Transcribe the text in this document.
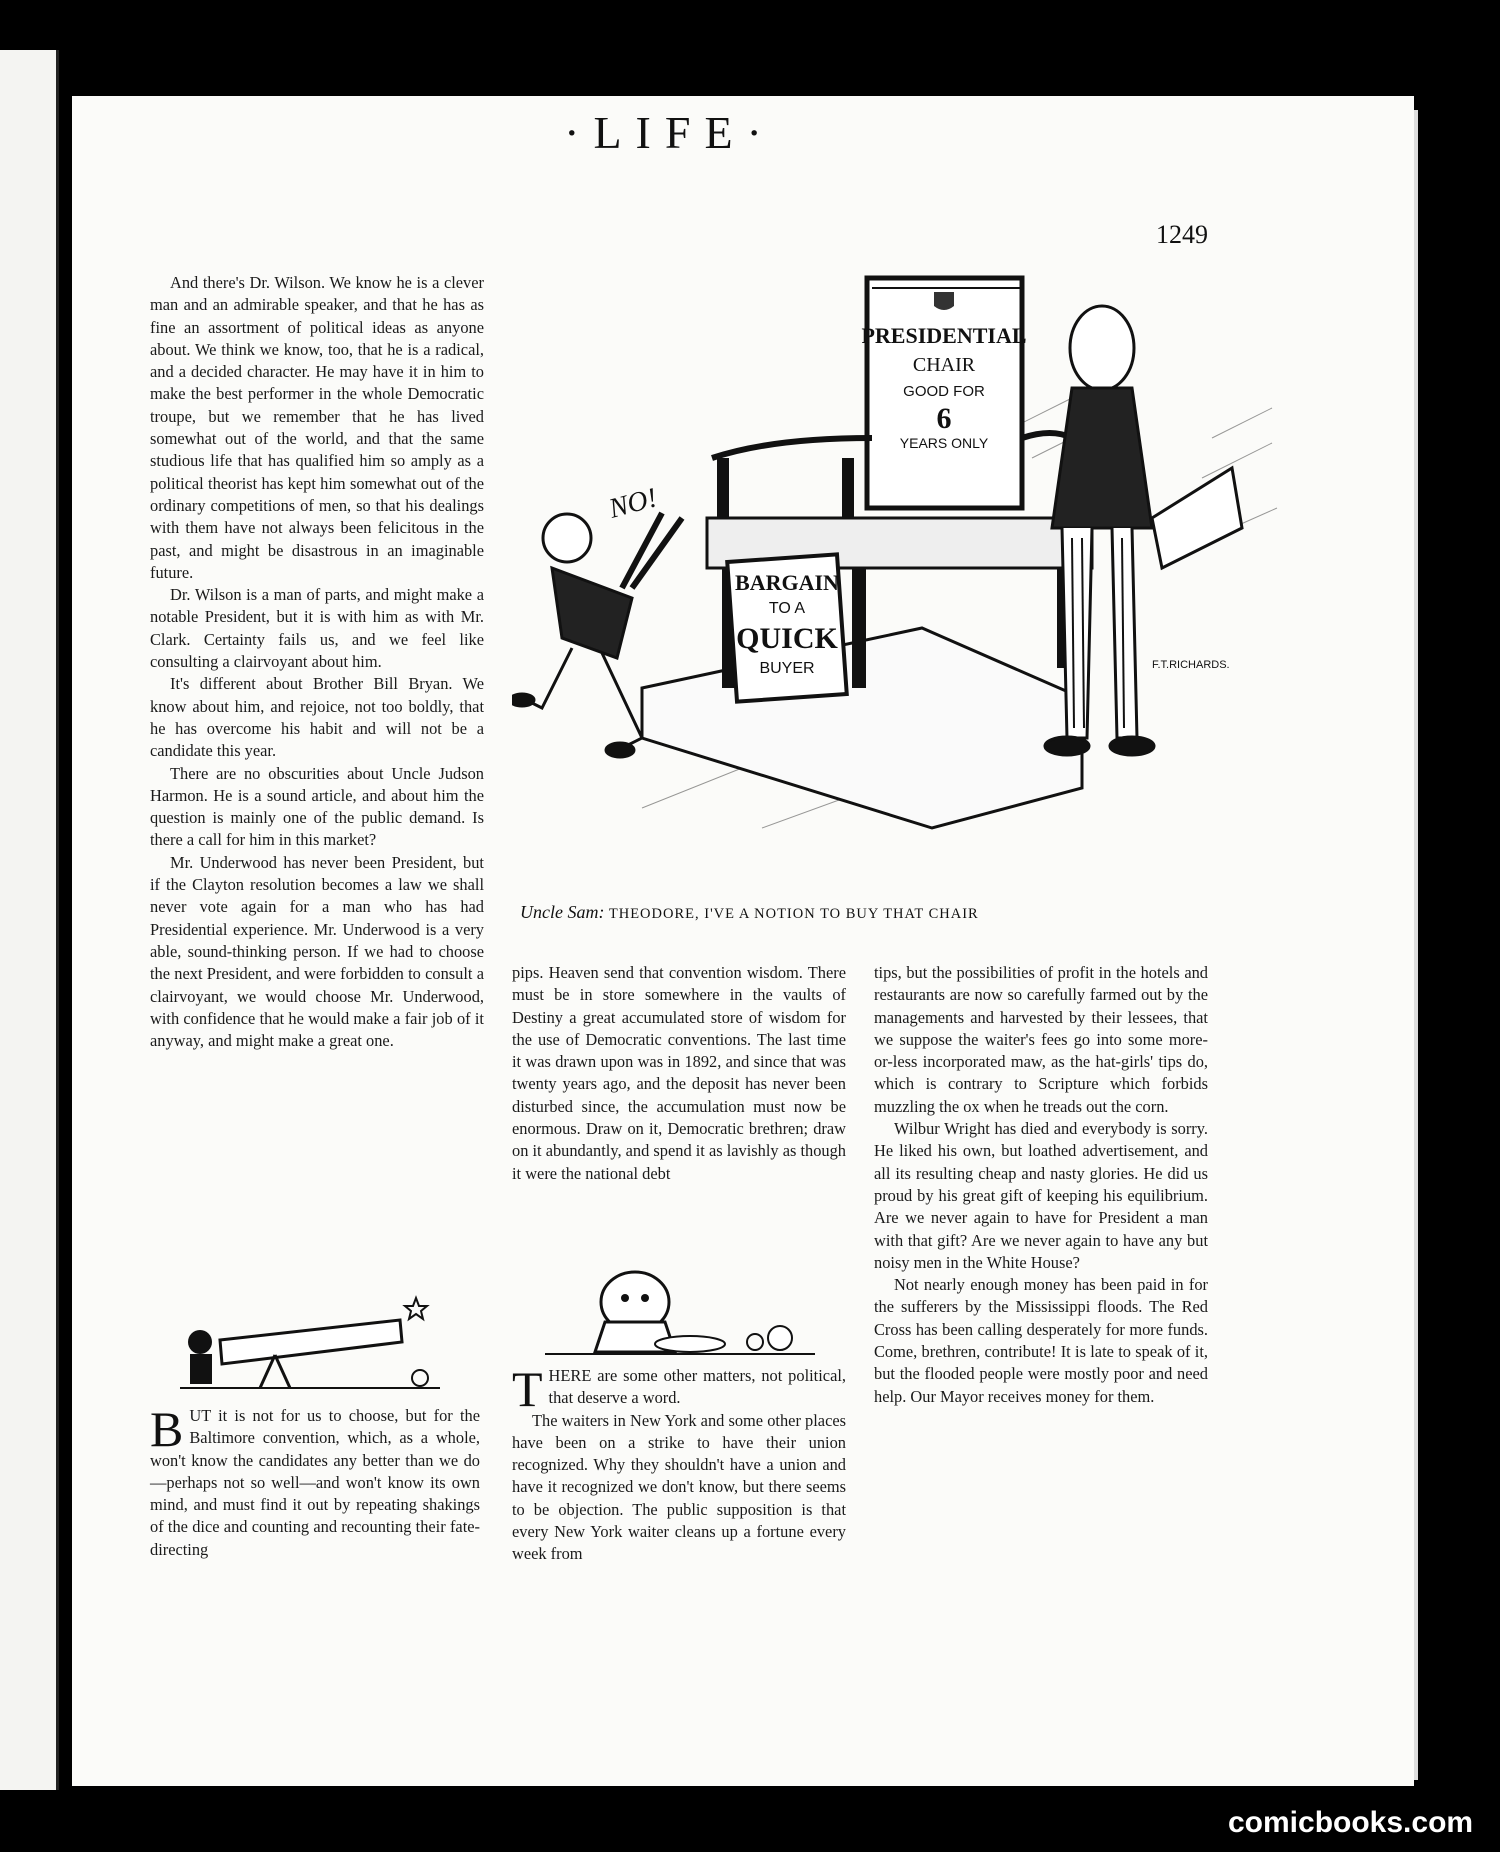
·LIFE·
1249
PRESIDENTIAL
CHAIR
GOOD FOR
6
YEARS ONLY
BARGAIN
TO A
QUICK
BUYER
NO!
F.T.RICHARDS.
Uncle Sam: THEODORE, I'VE A NOTION TO BUY THAT CHAIR

And there's Dr. Wilson. We know he is a clever man and an admirable speaker, and that he has as fine an assortment of political ideas as anyone about. We think we know, too, that he is a radical, and a decided character. He may have it in him to make the best performer in the whole Democratic troupe, but we remember that he has lived somewhat out of the world, and that the same studious life that has qualified him so amply as a political theorist has kept him somewhat out of the ordinary competitions of men, so that his dealings with them have not always been felicitous in the past, and might be disastrous in an imaginable future.

Dr. Wilson is a man of parts, and might make a notable President, but it is with him as with Mr. Clark. Certainty fails us, and we feel like consulting a clairvoyant about him.

It's different about Brother Bill Bryan. We know about him, and rejoice, not too boldly, that he has overcome his habit and will not be a candidate this year.

There are no obscurities about Uncle Judson Harmon. He is a sound article, and about him the question is mainly one of the public demand. Is there a call for him in this market?

Mr. Underwood has never been President, but if the Clayton resolution becomes a law we shall never vote again for a man who has had Presidential experience. Mr. Underwood is a very able, sound-thinking person. If we had to choose the next President, and were forbidden to consult a clairvoyant, we would choose Mr. Underwood, with confidence that he would make a fair job of it anyway, and might make a great one.

BUT it is not for us to choose, but for the Baltimore convention, which, as a whole, won't know the candidates any better than we do—perhaps not so well—and won't know its own mind, and must find it out by repeating shakings of the dice and counting and recounting their fate-directing

pips. Heaven send that convention wisdom. There must be in store somewhere in the vaults of Destiny a great accumulated store of wisdom for the use of Democratic conventions. The last time it was drawn upon was in 1892, and since that was twenty years ago, and the deposit has never been disturbed since, the accumulation must now be enormous. Draw on it, Democratic brethren; draw on it abundantly, and spend it as lavishly as though it were the national debt

THERE are some other matters, not political, that deserve a word.

The waiters in New York and some other places have been on a strike to have their union recognized. Why they shouldn't have a union and have it recognized we don't know, but there seems to be objection. The public supposition is that every New York waiter cleans up a fortune every week from

tips, but the possibilities of profit in the hotels and restaurants are now so carefully farmed out by the managements and harvested by their lessees, that we suppose the waiter's fees go into some more-or-less incorporated maw, as the hat-girls' tips do, which is contrary to Scripture which forbids muzzling the ox when he treads out the corn.

Wilbur Wright has died and everybody is sorry. He liked his own, but loathed advertisement, and all its resulting cheap and nasty glories. He did us proud by his great gift of keeping his equilibrium. Are we never again to have for President a man with that gift? Are we never again to have any but noisy men in the White House?

Not nearly enough money has been paid in for the sufferers by the Mississippi floods. The Red Cross has been calling desperately for more funds. Come, brethren, contribute! It is late to speak of it, but the flooded people were mostly poor and need help. Our Mayor receives money for them.

comicbooks.com
